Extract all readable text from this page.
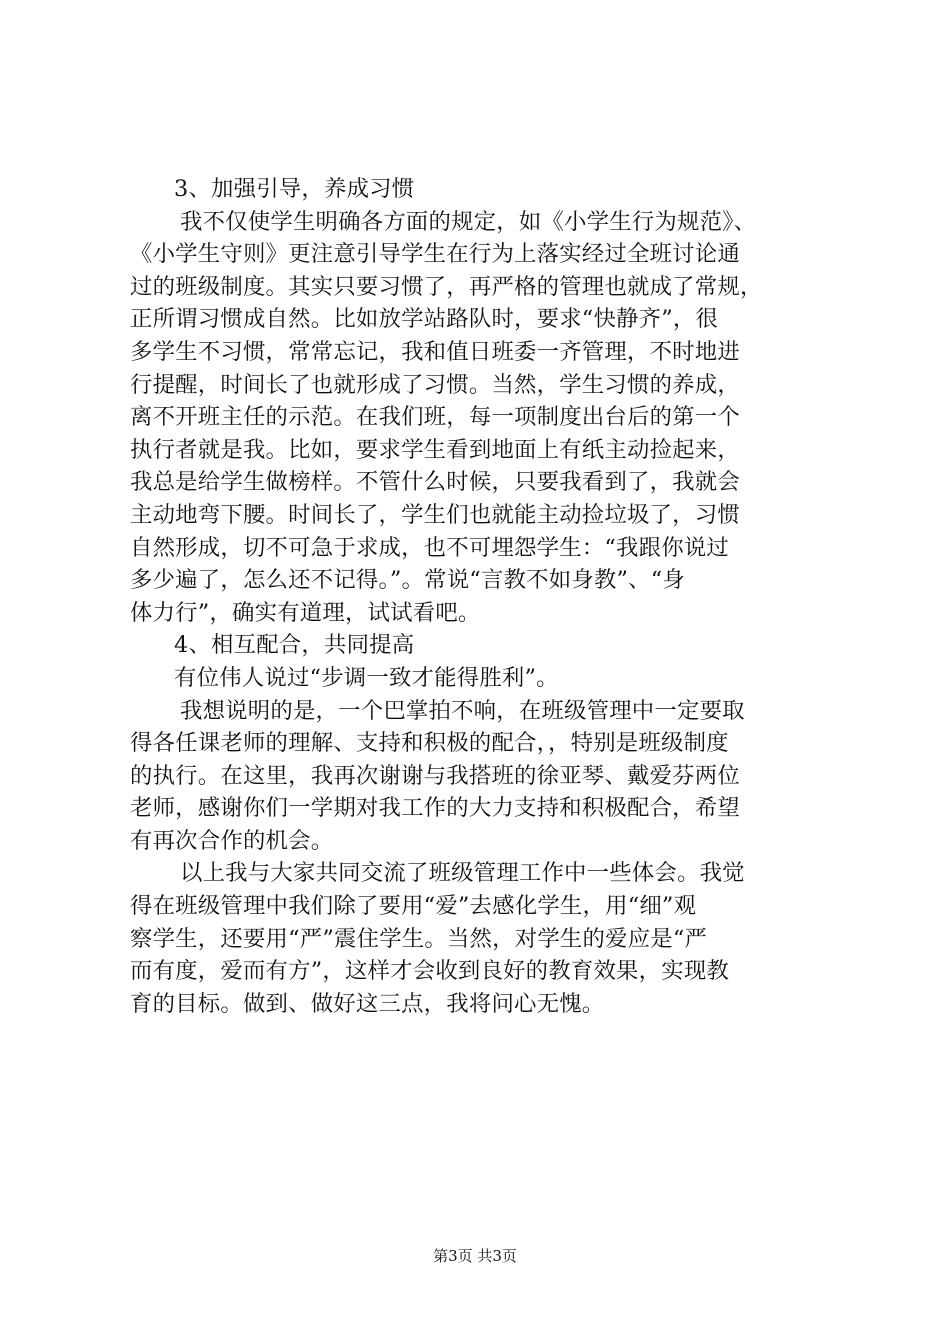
3、加强引导，养成习惯
我不仅使学生明确各方面的规定，如《小学生行为规范》、
《小学生守则》更注意引导学生在行为上落实经过全班讨论通
过的班级制度。其实只要习惯了，再严格的管理也就成了常规，
正所谓习惯成自然。比如放学站路队时，要求“快静齐”，很
多学生不习惯，常常忘记，我和值日班委一齐管理，不时地进
行提醒，时间长了也就形成了习惯。当然，学生习惯的养成，
离不开班主任的示范。在我们班，每一项制度出台后的第一个
执行者就是我。比如，要求学生看到地面上有纸主动捡起来，
我总是给学生做榜样。不管什么时候，只要我看到了，我就会
主动地弯下腰。时间长了，学生们也就能主动捡垃圾了，习惯
自然形成，切不可急于求成，也不可埋怨学生：“我跟你说过
多少遍了，怎么还不记得。”。常说“言教不如身教”、“身
体力行”，确实有道理，试试看吧。
4、相互配合，共同提高
有位伟人说过“步调一致才能得胜利”。
我想说明的是，一个巴掌拍不响，在班级管理中一定要取
得各任课老师的理解、支持和积极的配合，，特别是班级制度
的执行。在这里，我再次谢谢与我搭班的徐亚琴、戴爱芬两位
老师，感谢你们一学期对我工作的大力支持和积极配合，希望
有再次合作的机会。
以上我与大家共同交流了班级管理工作中一些体会。我觉
得在班级管理中我们除了要用“爱”去感化学生，用“细”观
察学生，还要用“严”震住学生。当然，对学生的爱应是“严
而有度，爱而有方”，这样才会收到良好的教育效果，实现教
育的目标。做到、做好这三点，我将问心无愧。
第3页 共3页
